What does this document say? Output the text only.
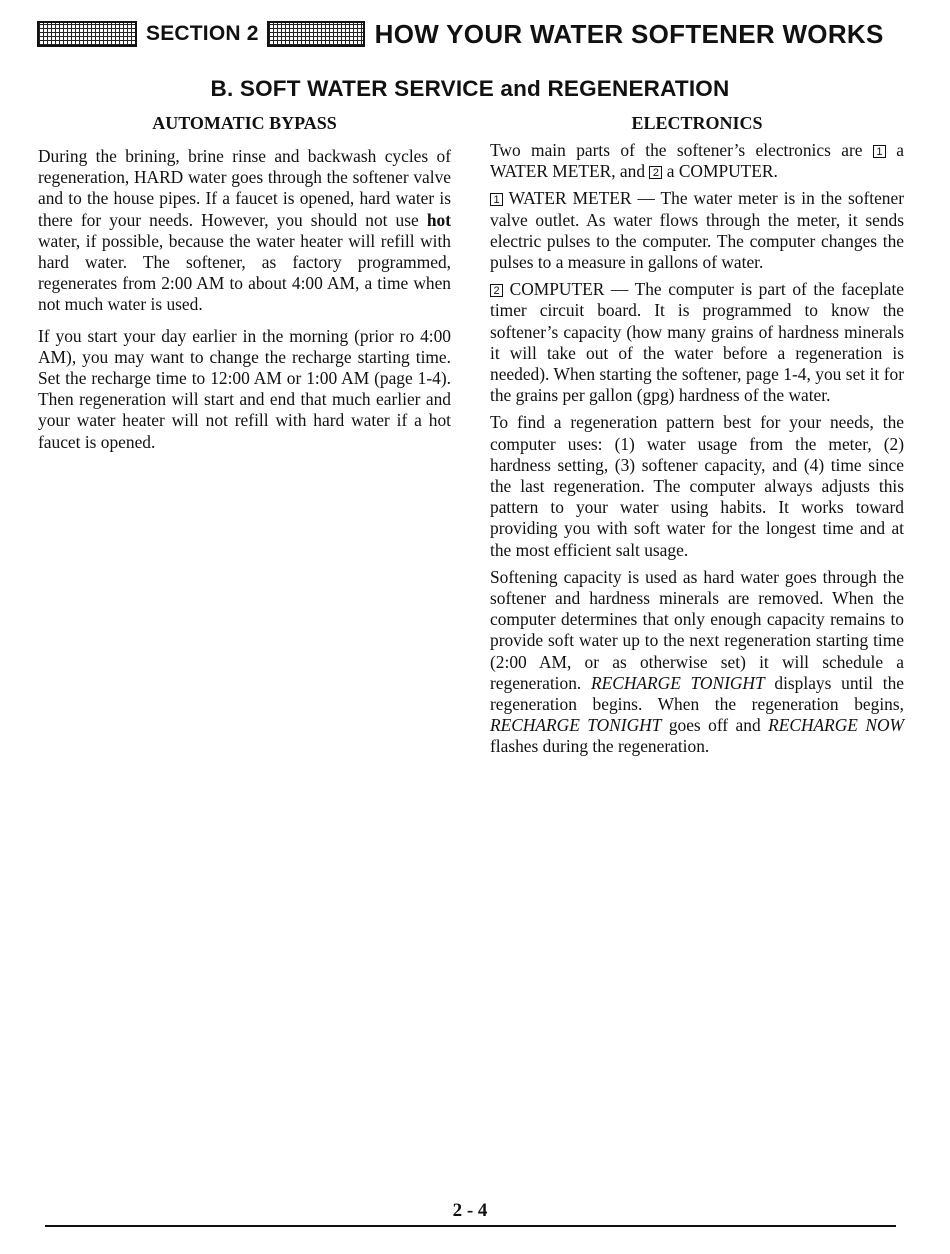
SECTION 2	HOW YOUR WATER SOFTENER WORKS
B. SOFT WATER SERVICE and REGENERATION
AUTOMATIC BYPASS

During the brining, brine rinse and backwash cycles of regeneration, HARD water goes through the softener valve and to the house pipes. If a faucet is opened, hard water is there for your needs. However, you should not use hot water, if possible, because the water heater will refill with hard water. The softener, as factory programmed, regenerates from 2:00 AM to about 4:00 AM, a time when not much water is used.

If you start your day earlier in the morning (prior ro 4:00 AM), you may want to change the recharge starting time. Set the recharge time to 12:00 AM or 1:00 AM (page 1-4). Then regeneration will start and end that much earlier and your water heater will not refill with hard water if a hot faucet is opened.

ELECTRONICS

Two main parts of the softener’s electronics are 1 a WATER METER, and 2 a COMPUTER.

1 WATER METER — The water meter is in the softener valve outlet. As water flows through the meter, it sends electric pulses to the computer. The computer changes the pulses to a measure in gallons of water.

2 COMPUTER — The computer is part of the faceplate timer circuit board. It is programmed to know the softener’s capacity (how many grains of hardness minerals it will take out of the water before a regeneration is needed). When starting the softener, page 1-4, you set it for the grains per gallon (gpg) hardness of the water.

To find a regeneration pattern best for your needs, the computer uses: (1) water usage from the meter, (2) hardness setting, (3) softener capacity, and (4) time since the last regeneration. The computer always adjusts this pattern to your water using habits. It works toward providing you with soft water for the longest time and at the most efficient salt usage.

Softening capacity is used as hard water goes through the softener and hardness minerals are removed. When the computer determines that only enough capacity remains to provide soft water up to the next regeneration starting time (2:00 AM, or as otherwise set) it will schedule a regeneration. RECHARGE TONIGHT displays until the regeneration begins. When the regeneration begins, RECHARGE TONIGHT goes off and RECHARGE NOW flashes during the regeneration.

2 - 4
